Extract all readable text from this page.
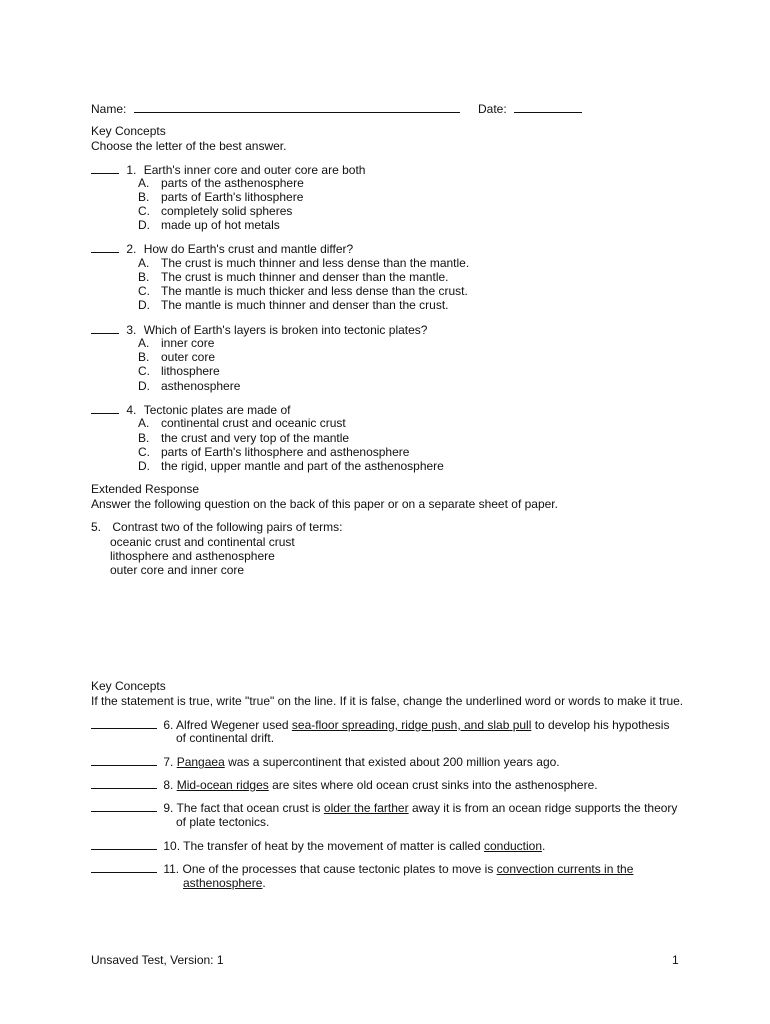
Name:	Date:
Key Concepts
Choose the letter of the best answer.
1. Earth's inner core and outer core are both
A. parts of the asthenosphere
B. parts of Earth's lithosphere
C. completely solid spheres
D. made up of hot metals
2. How do Earth's crust and mantle differ?
A. The crust is much thinner and less dense than the mantle.
B. The crust is much thinner and denser than the mantle.
C. The mantle is much thicker and less dense than the crust.
D. The mantle is much thinner and denser than the crust.
3. Which of Earth's layers is broken into tectonic plates?
A. inner core
B. outer core
C. lithosphere
D. asthenosphere
4. Tectonic plates are made of
A. continental crust and oceanic crust
B. the crust and very top of the mantle
C. parts of Earth's lithosphere and asthenosphere
D. the rigid, upper mantle and part of the asthenosphere
Extended Response
Answer the following question on the back of this paper or on a separate sheet of paper.
5. Contrast two of the following pairs of terms:
oceanic crust and continental crust
lithosphere and asthenosphere
outer core and inner core
Key Concepts
If the statement is true, write "true" on the line. If it is false, change the underlined word or words to make it true.
6. Alfred Wegener used sea-floor spreading, ridge push, and slab pull to develop his hypothesis
of continental drift.
7. Pangaea was a supercontinent that existed about 200 million years ago.
8. Mid-ocean ridges are sites where old ocean crust sinks into the asthenosphere.
9. The fact that ocean crust is older the farther away it is from an ocean ridge supports the theory
of plate tectonics.
10. The transfer of heat by the movement of matter is called conduction.
11. One of the processes that cause tectonic plates to move is convection currents in the
asthenosphere.
Unsaved Test, Version: 1	1
